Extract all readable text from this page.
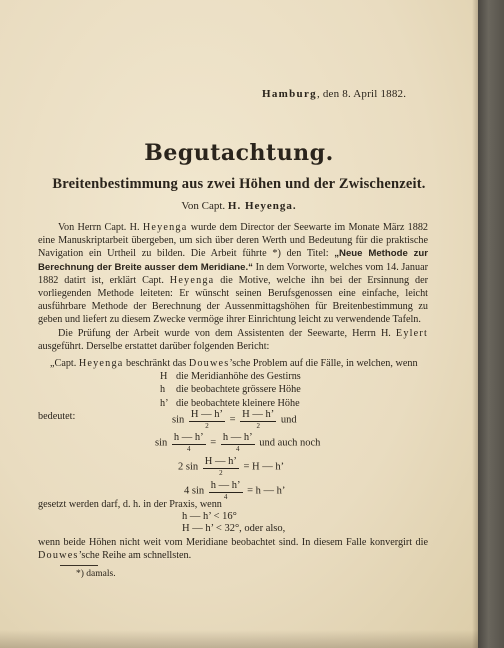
Hamburg, den 8. April 1882.
Begutachtung.
Breitenbestimmung aus zwei Höhen und der Zwischenzeit.
Von Capt. H. Heyenga.

Von Herrn Capt. H. Heyenga wurde dem Director der Seewarte im Monate März 1882 eine Manuskriptarbeit übergeben, um sich über deren Werth und Bedeutung für die praktische Navigation ein Urtheil zu bilden. Die Arbeit führte *) den Titel: „Neue Methode zur Berechnung der Breite ausser dem Meridiane.“ In dem Vorworte, welches vom 14. Januar 1882 datirt ist, erklärt Capt. Heyenga die Motive, welche ihn bei der Ersinnung der vorliegenden Methode leiteten: Er wünscht seinen Berufsgenossen eine einfache, leicht ausführbare Methode der Berechnung der Aussenmittagshöhen für Breitenbestimmung zu geben und liefert zu diesem Zwecke vermöge ihrer Einrichtung leicht zu verwendende Tafeln.

Die Prüfung der Arbeit wurde von dem Assistenten der Seewarte, Herrn H. Eylert ausgeführt. Derselbe erstattet darüber folgenden Bericht:

„Capt. Heyenga beschränkt das Douwes’sche Problem auf die Fälle, in welchen, wenn

H die Meridianhöhe des Gestirns
h die beobachtete grössere Höhe
h’ die beobachtete kleinere Höhe

bedeutet:	$\sin \frac{H — h’}{2} = \frac{H — h’}{2}$ und
$\sin \frac{h — h’}{4} = \frac{h — h’}{4}$ und auch noch
2 $\sin \frac{H — h’}{2} = H$ — h’
4 $\sin \frac{h — h’}{4} = h$ — h’
gesetzt werden darf, d. h. in der Praxis, wenn
h — h’ < 16°
H — h’ < 32°, oder also,
wenn beide Höhen nicht weit vom Meridiane beobachtet sind. In diesem Falle konvergirt die Douwes’sche Reihe am schnellsten.
*) damals.
